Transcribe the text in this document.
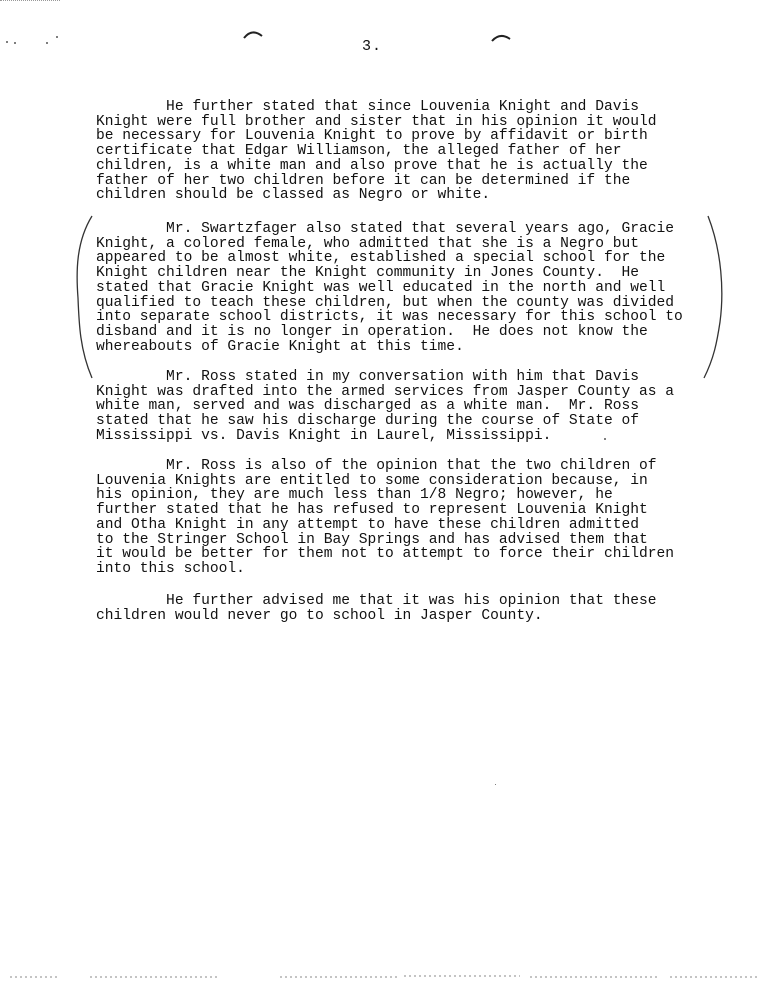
3.

He further stated that since Louvenia Knight and Davis
Knight were full brother and sister that in his opinion it would
be necessary for Louvenia Knight to prove by affidavit or birth
certificate that Edgar Williamson, the alleged father of her
children, is a white man and also prove that he is actually the
father of her two children before it can be determined if the
children should be classed as Negro or white.

Mr. Swartzfager also stated that several years ago, Gracie
Knight, a colored female, who admitted that she is a Negro but
appeared to be almost white, established a special school for the
Knight children near the Knight community in Jones County.  He
stated that Gracie Knight was well educated in the north and well
qualified to teach these children, but when the county was divided
into separate school districts, it was necessary for this school to
disband and it is no longer in operation.  He does not know the
whereabouts of Gracie Knight at this time.

Mr. Ross stated in my conversation with him that Davis
Knight was drafted into the armed services from Jasper County as a
white man, served and was discharged as a white man.  Mr. Ross
stated that he saw his discharge during the course of State of
Mississippi vs. Davis Knight in Laurel, Mississippi.

Mr. Ross is also of the opinion that the two children of
Louvenia Knights are entitled to some consideration because, in
his opinion, they are much less than 1/8 Negro; however, he
further stated that he has refused to represent Louvenia Knight
and Otha Knight in any attempt to have these children admitted
to the Stringer School in Bay Springs and has advised them that
it would be better for them not to attempt to force their children
into this school.

He further advised me that it was his opinion that these
children would never go to school in Jasper County.
